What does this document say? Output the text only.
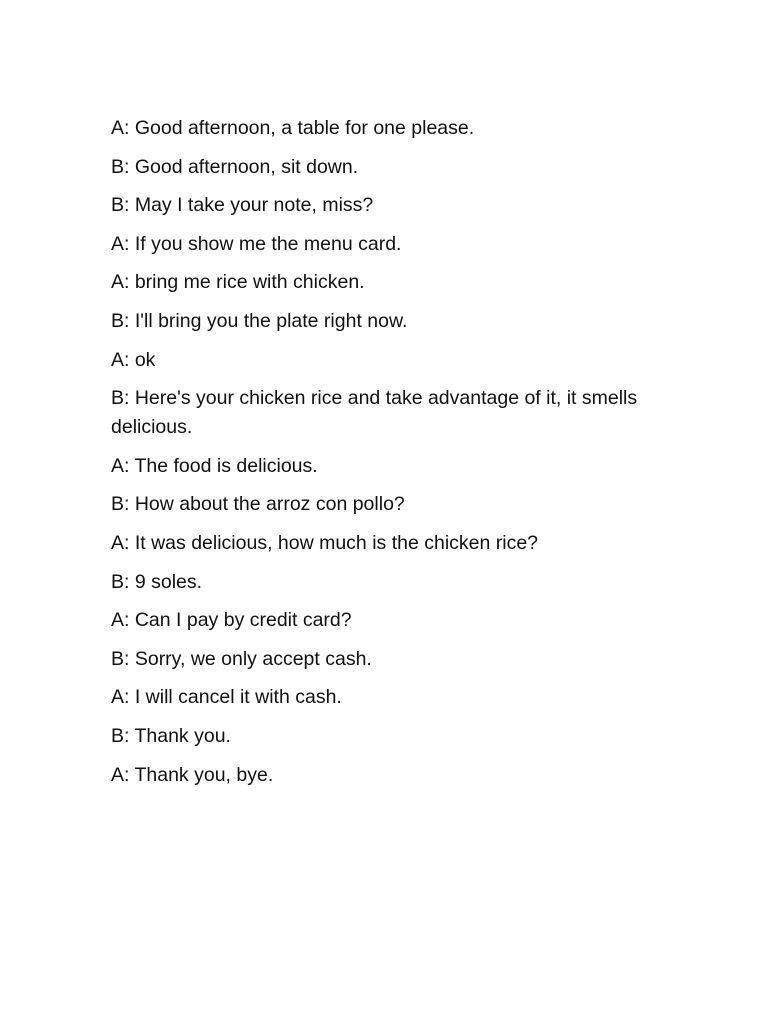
A: Good afternoon, a table for one please.
B: Good afternoon, sit down.
B: May I take your note, miss?
A: If you show me the menu card.
A: bring me rice with chicken.
B: I'll bring you the plate right now.
A: ok
B: Here's your chicken rice and take advantage of it, it smells delicious.
A: The food is delicious.
B: How about the arroz con pollo?
A: It was delicious, how much is the chicken rice?
B: 9 soles.
A: Can I pay by credit card?
B: Sorry, we only accept cash.
A: I will cancel it with cash.
B: Thank you.
A: Thank you, bye.
